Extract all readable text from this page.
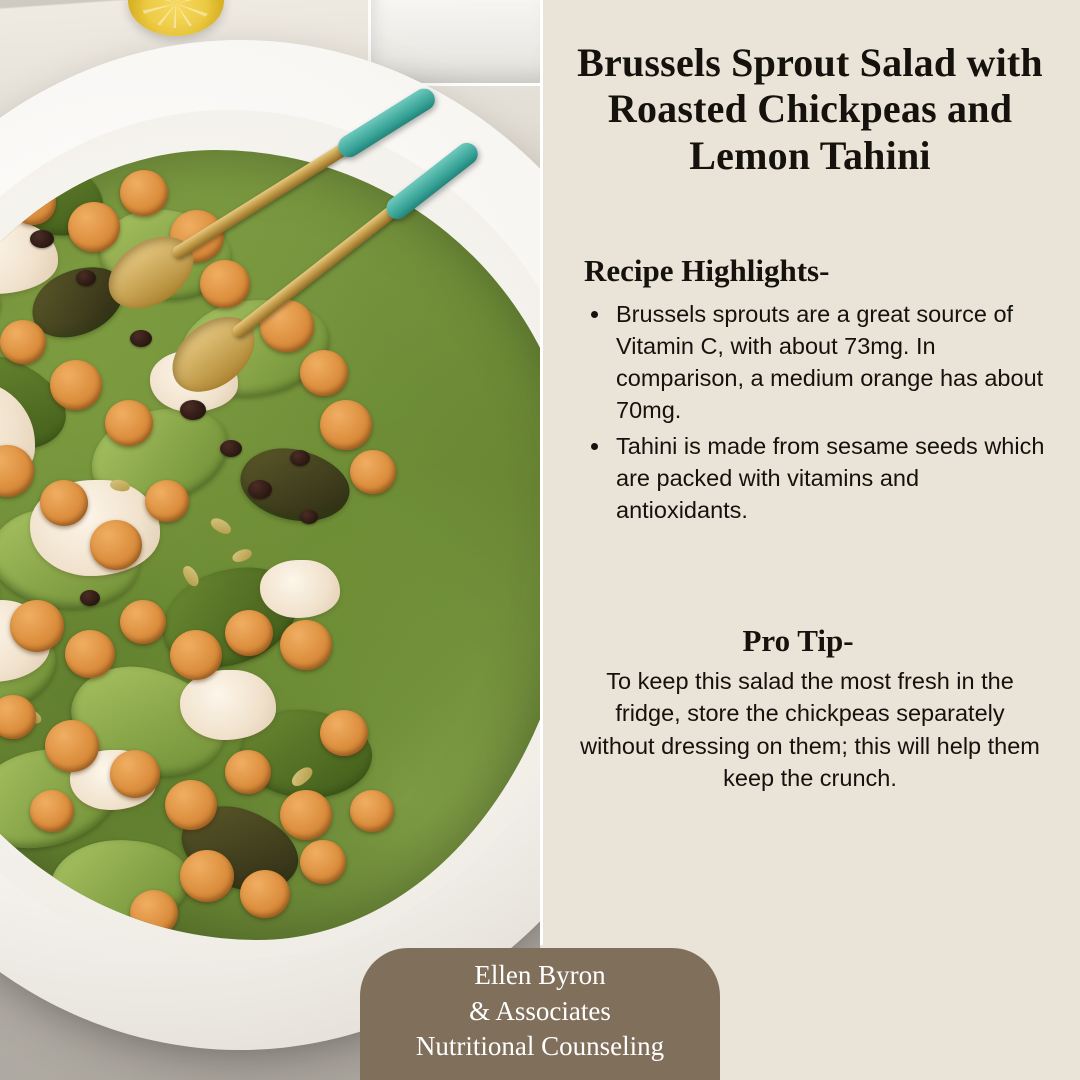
Brussels Sprout Salad with Roasted Chickpeas and Lemon Tahini
Recipe Highlights-
• Brussels sprouts are a great source of Vitamin C, with about 73mg. In comparison, a medium orange has about 70mg.
• Tahini is made from sesame seeds which are packed with vitamins and antioxidants.
Pro Tip-

To keep this salad the most fresh in the fridge, store the chickpeas separately without dressing on them; this will help them keep the crunch.

Ellen Byron
& Associates
Nutritional Counseling
